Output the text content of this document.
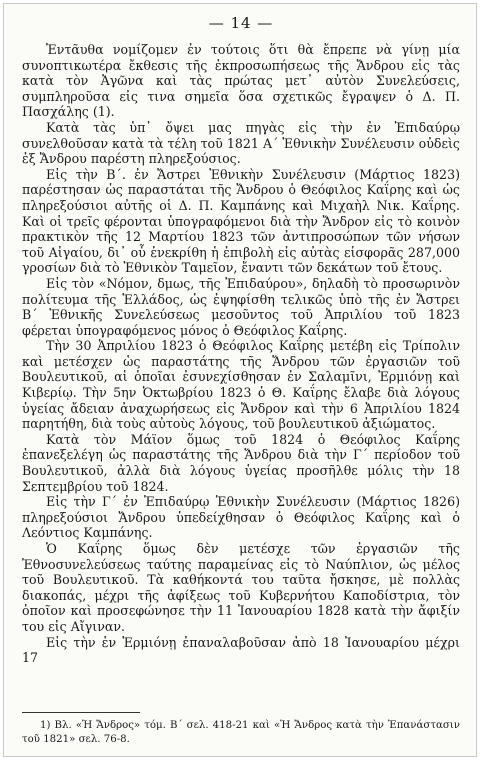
— 14 —

Ἐντᾶυθα νομίζομεν ἐν τούτοις ὅτι θὰ ἔπρεπε νὰ γίνῃ μία συνοπτικωτέρα ἔκθεσις τῆς ἐκπροσωπήσεως τῆς Ἄνδρου εἰς τὰς κατὰ τὸν Ἀγῶνα καὶ τὰς πρώτας μετ᾿ αὐτὸν Συνελεύσεις, συμπληροῦσα εἰς τινα σημεῖα ὅσα σχετικῶς ἔγραψεν ὁ Δ. Π. Πασχάλης (1).

Κατὰ τὰς ὑπ᾿ ὄψει μας πηγὰς εἰς τὴν ἐν Ἐπιδαύρῳ συνελθοῦσαν κατὰ τὰ τέλη τοῦ 1821 Α΄ Ἐθνικὴν Συνέλευσιν οὐδεὶς ἐξ Ἄνδρου παρέστη πληρεξούσιος.

Εἰς τὴν Β΄. ἐν Ἄστρει Ἐθνικὴν Συνέλευσιν (Μάρτιος 1823) παρέστησαν ὡς παραστάται τῆς Ἄνδρου ὁ Θεόφιλος Καΐρης καὶ ὡς πληρεξούσιοι αὐτῆς οἱ Δ. Π. Καμπάνης καὶ Μιχαὴλ Νικ. Καΐρης. Καὶ οἱ τρεῖς φέρονται ὑπογραφόμενοι διὰ τὴν Ἄνδρον εἰς τὸ κοινὸν πρακτικὸν τῆς 12 Μαρτίου 1823 τῶν ἀντιπροσώπων τῶν νήσων τοῦ Αἰγαίου, δι᾿ οὗ ἐνεκρίθη ἡ ἐπιβολὴ εἰς αὐτὰς εἰσφορᾶς 287,000 γροσίων διὰ τὸ Ἐθνικὸν Ταμεῖον, ἔναντι τῶν δεκάτων τοῦ ἔτους.

Εἰς τὸν «Νόμον, δμως, τῆς Ἐπιδαύρου», δηλαδὴ τὸ προσωρινὸν πολίτευμα τῆς Ἑλλάδος, ὡς ἐψηφίσθη τελικῶς ὑπὸ τῆς ἐν Ἄστρει Β΄ Ἐθνικῆς Συνελεύσεως μεσοῦντος τοῦ Ἀπριλίου τοῦ 1823 φέρεται ὑπογραφόμενος μόνος ὁ Θεόφιλος Καΐρης.

Τὴν 30 Ἀπριλίου 1823 ὁ Θεόφιλος Καΐρης μετέβη εἰς Τρίπολιν καὶ μετέσχεν ὡς παραστάτης τῆς Ἄνδρου τῶν ἐργασιῶν τοῦ Βουλευτικοῦ, αἱ ὁποῖαι ἐσυνεχίσθησαν ἐν Σαλαμῖνι, Ἑρμιόνῃ καὶ Κιβερίῳ. Τὴν 5ην Ὀκτωβρίου 1823 ὁ Θ. Καΐρης ἔλαβε διὰ λόγους ὑγείας ἄδειαν ἀναχωρήσεως εἰς Ἄνδρον καὶ τὴν 6 Ἀπριλίου 1824 παρητήθη, διὰ τοὺς αὐτοὺς λόγους, τοῦ βουλευτικοῦ ἀξιώματος.

Κατὰ τὸν Μάϊον ὅμως τοῦ 1824 ὁ Θεόφιλος Καΐρης ἐπανεξελέγη ὡς παραστάτης τῆς Ἄνδρου διὰ τὴν Γ΄ περίοδον τοῦ Βουλευτικοῦ, ἀλλὰ διὰ λόγους ὑγείας προσῆλθε μόλις τὴν 18 Σεπτεμβρίου τοῦ 1824.

Εἰς τὴν Γ΄ ἐν Ἐπιδαύρῳ Ἐθνικὴν Συνέλευσιν (Μάρτιος 1826) πληρεξούσιοι Ἄνδρου ὑπεδείχθησαν ὁ Θεόφιλος Καΐρης καὶ ὁ Λεόντιος Καμπάνης.

Ὁ Καΐρης ὅμως δὲν μετέσχε τῶν ἐργασιῶν τῆς Ἐθνοσυνελεύσεως ταύτης παραμείνας εἰς τὸ Ναύπλιον, ὡς μέλος τοῦ Βουλευτικοῦ. Τὰ καθήκοντά του ταῦτα ἤσκησε, μὲ πολλὰς διακοπάς, μέχρι τῆς ἀφίξεως τοῦ Κυβερνήτου Καποδίστρια, τὸν ὁποῖον καὶ προσεφώνησε τὴν 11 Ἰανουαρίου 1828 κατὰ τὴν ἄφιξίν του εἰς Αἴγιναν.

Εἰς τὴν ἐν Ἑρμιόνῃ ἐπαναλαβοῦσαν ἀπὸ 18 Ἰανουαρίου μέχρι 17

1) Βλ. «Ἡ Ἄνδρος» τόμ. Β΄ σελ. 418-21 καὶ «Ἡ Ἄνδρος κατὰ τὴν Ἐπανάστασιν τοῦ 1821» σελ. 76-8.
